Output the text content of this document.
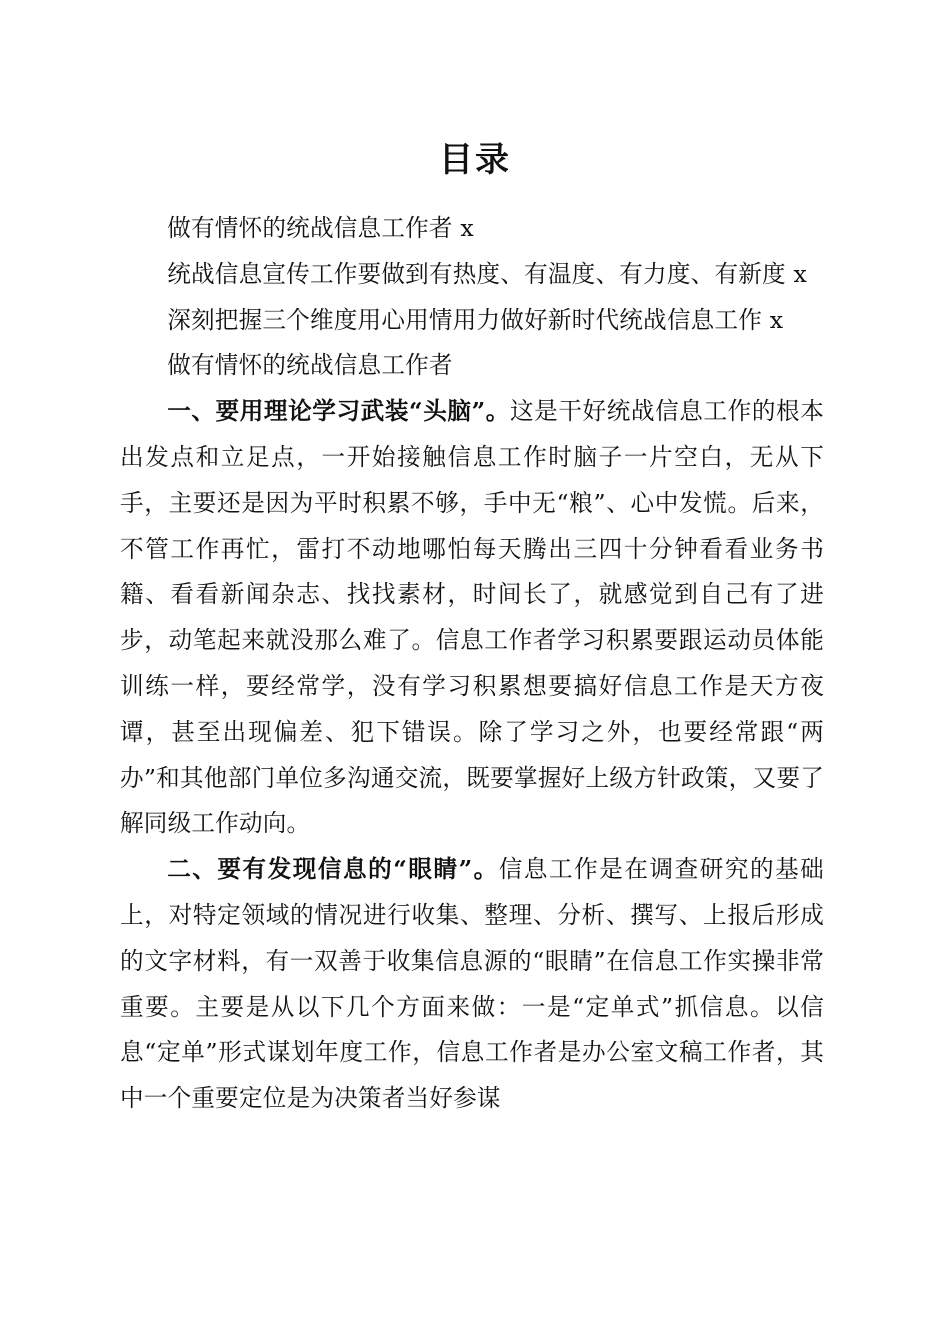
目录

做有情怀的统战信息工作者 x

统战信息宣传工作要做到有热度、有温度、有力度、有新度 x

深刻把握三个维度用心用情用力做好新时代统战信息工作 x

做有情怀的统战信息工作者

一、要用理论学习武装“头脑”。这是干好统战信息工作的根本出发点和立足点，一开始接触信息工作时脑子一片空白，无从下手，主要还是因为平时积累不够，手中无“粮”、心中发慌。后来，不管工作再忙，雷打不动地哪怕每天腾出三四十分钟看看业务书籍、看看新闻杂志、找找素材，时间长了，就感觉到自己有了进步，动笔起来就没那么难了。信息工作者学习积累要跟运动员体能训练一样，要经常学，没有学习积累想要搞好信息工作是天方夜谭，甚至出现偏差、犯下错误。除了学习之外，也要经常跟“两办”和其他部门单位多沟通交流，既要掌握好上级方针政策，又要了解同级工作动向。

二、要有发现信息的“眼睛”。信息工作是在调查研究的基础上，对特定领域的情况进行收集、整理、分析、撰写、上报后形成的文字材料，有一双善于收集信息源的“眼睛”在信息工作实操非常重要。主要是从以下几个方面来做：一是“定单式”抓信息。以信息“定单”形式谋划年度工作，信息工作者是办公室文稿工作者，其中一个重要定位是为决策者当好参谋
